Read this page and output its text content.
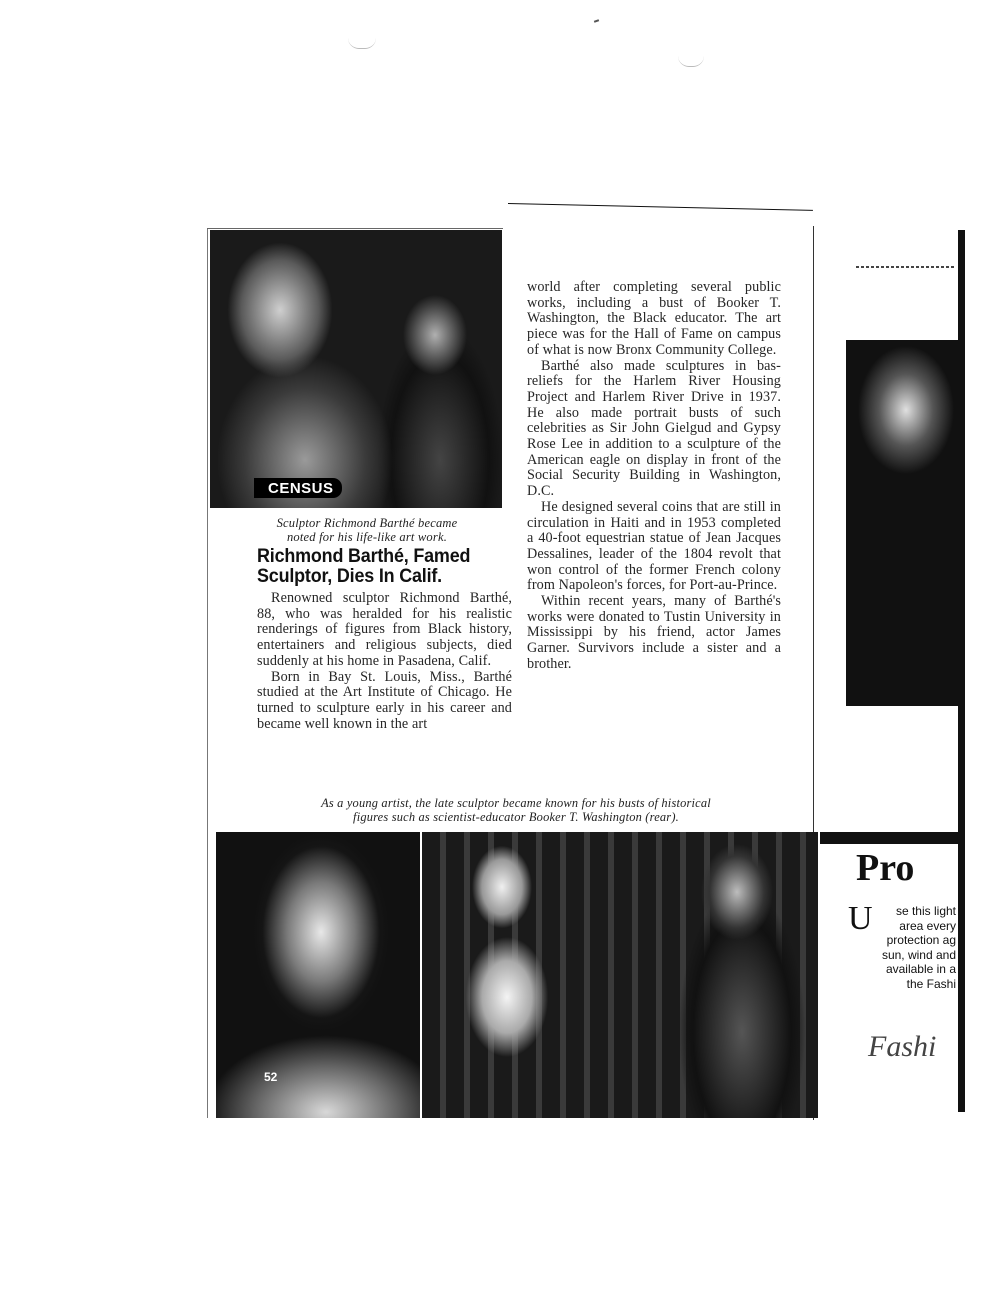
CENSUS
Sculptor Richmond Barthé became
noted for his life-like art work.
Richmond Barthé, Famed
Sculptor, Dies In Calif.

Renowned sculptor Richmond Barthé, 88, who was heralded for his realistic renderings of figures from Black history, entertainers and religious subjects, died suddenly at his home in Pasadena, Calif.

Born in Bay St. Louis, Miss., Barthé studied at the Art Institute of Chicago. He turned to sculpture early in his career and became well known in the art

world after completing several public works, including a bust of Booker T. Washington, the Black educator. The art piece was for the Hall of Fame on campus of what is now Bronx Community College.

Barthé also made sculptures in bas-reliefs for the Harlem River Housing Project and Harlem River Drive in 1937. He also made portrait busts of such celebrities as Sir John Gielgud and Gypsy Rose Lee in addition to a sculpture of the American eagle on display in front of the Social Security Building in Washington, D.C.

He designed several coins that are still in circulation in Haiti and in 1953 completed a 40-foot equestrian statue of Jean Jacques Dessalines, leader of the 1804 revolt that won control of the former French colony from Napoleon's forces, for Port-au-Prince.

Within recent years, many of Barthé's works were donated to Tustin University in Mississippi by his friend, actor James Garner. Survivors include a sister and a brother.

As a young artist, the late sculptor became known for his busts of historical
figures such as scientist-educator Booker T. Washington (rear).
52
Pro
U	se this light
area every
protection ag
sun, wind and
available in a
the Fashi
Fashi
